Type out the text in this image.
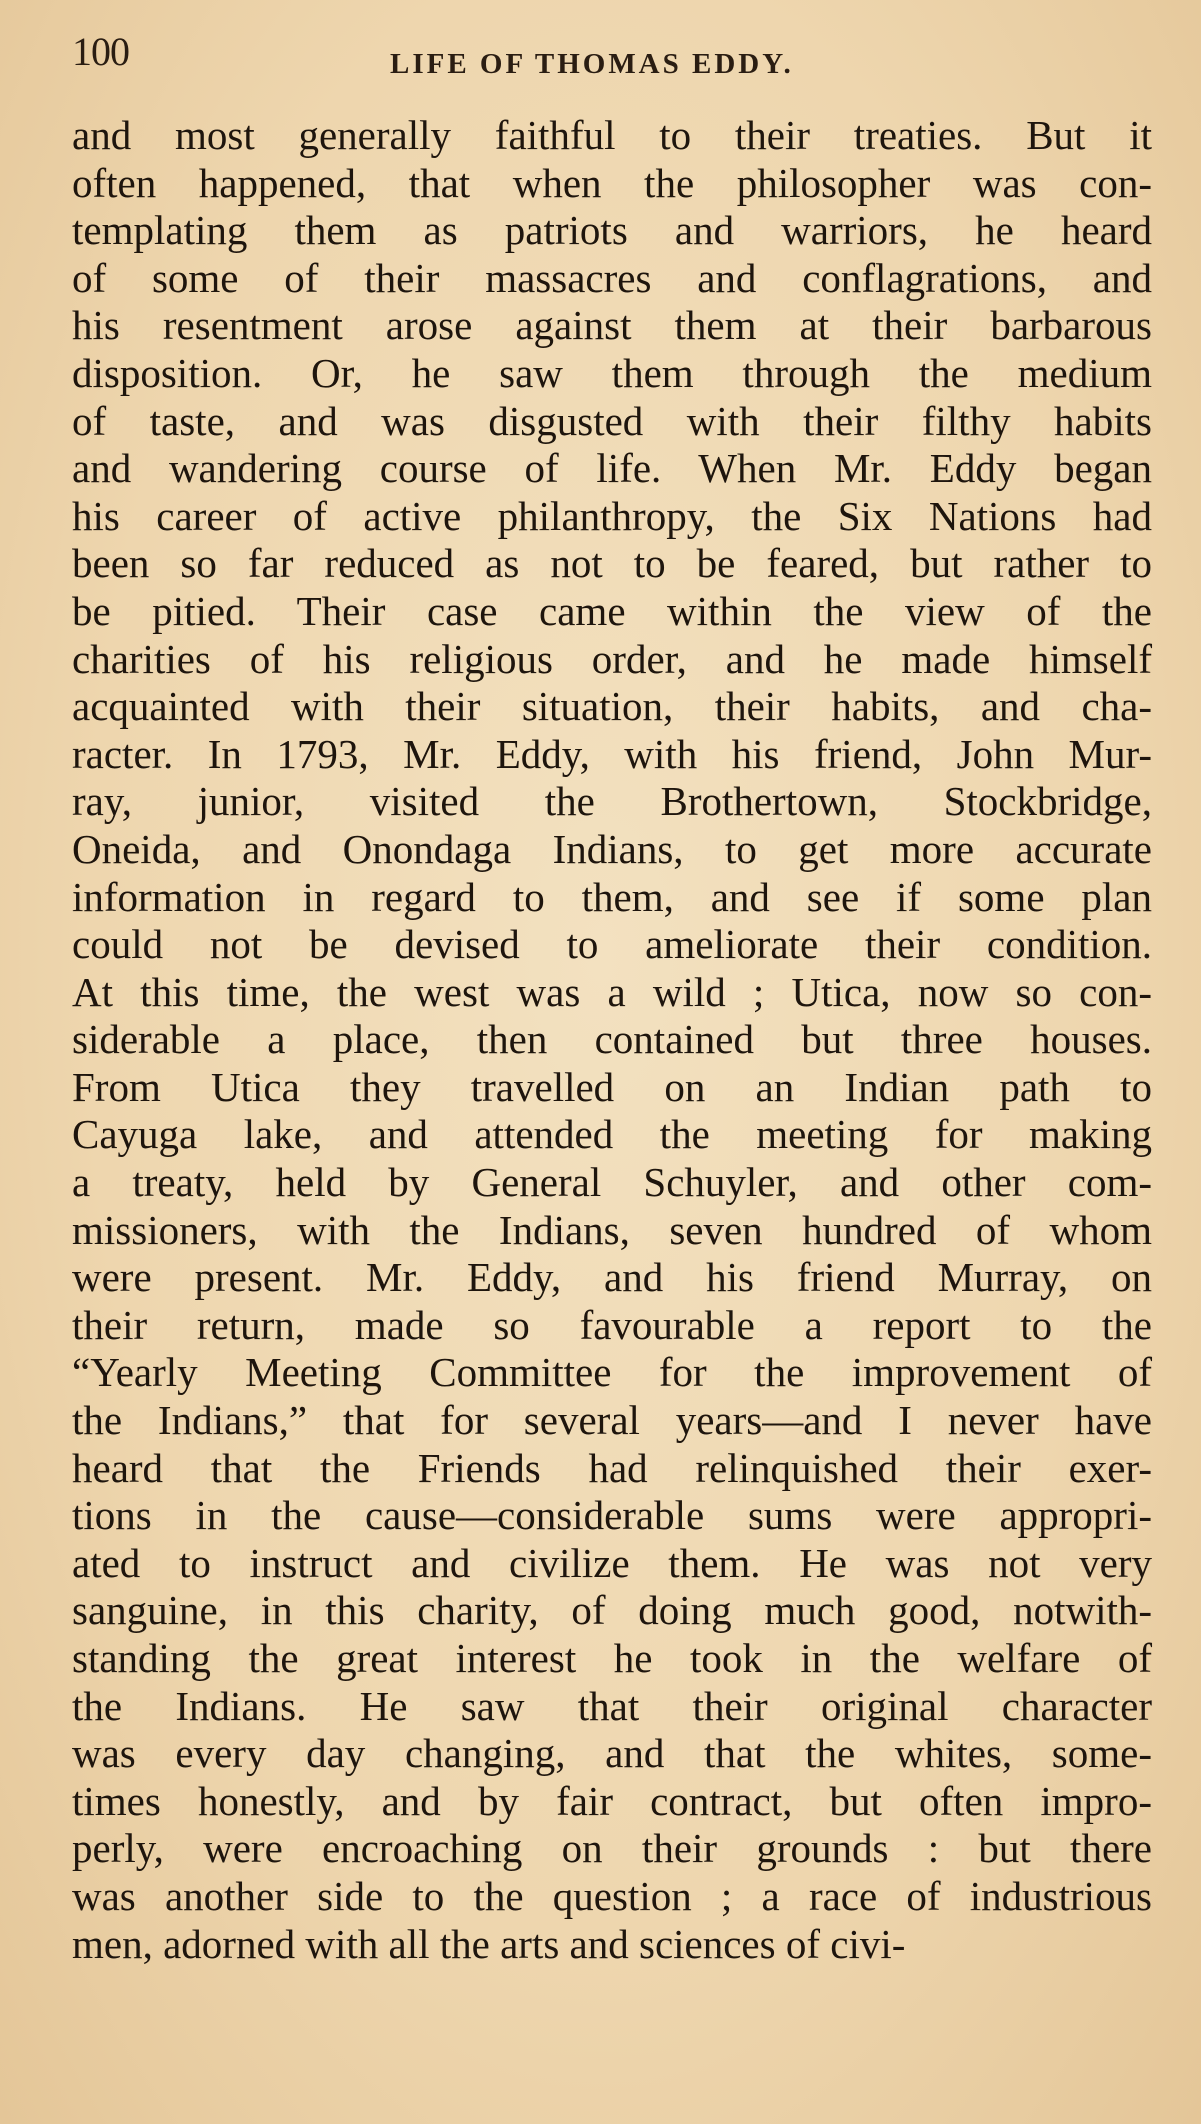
100	LIFE OF THOMAS EDDY.
and most generally faithful to their treaties. But it
often happened, that when the philosopher was con-
templating them as patriots and warriors, he heard
of some of their massacres and conflagrations, and
his resentment arose against them at their barbarous
disposition. Or, he saw them through the medium
of taste, and was disgusted with their filthy habits
and wandering course of life. When Mr. Eddy began
his career of active philanthropy, the Six Nations had
been so far reduced as not to be feared, but rather to
be pitied. Their case came within the view of the
charities of his religious order, and he made himself
acquainted with their situation, their habits, and cha-
racter. In 1793, Mr. Eddy, with his friend, John Mur-
ray, junior, visited the Brothertown, Stockbridge,
Oneida, and Onondaga Indians, to get more accurate
information in regard to them, and see if some plan
could not be devised to ameliorate their condition.
At this time, the west was a wild ; Utica, now so con-
siderable a place, then contained but three houses.
From Utica they travelled on an Indian path to
Cayuga lake, and attended the meeting for making
a treaty, held by General Schuyler, and other com-
missioners, with the Indians, seven hundred of whom
were present. Mr. Eddy, and his friend Murray, on
their return, made so favourable a report to the
“Yearly Meeting Committee for the improvement of
the Indians,” that for several years—and I never have
heard that the Friends had relinquished their exer-
tions in the cause—considerable sums were appropri-
ated to instruct and civilize them. He was not very
sanguine, in this charity, of doing much good, notwith-
standing the great interest he took in the welfare of
the Indians. He saw that their original character
was every day changing, and that the whites, some-
times honestly, and by fair contract, but often impro-
perly, were encroaching on their grounds : but there
was another side to the question ; a race of industrious
men, adorned with all the arts and sciences of civi-
